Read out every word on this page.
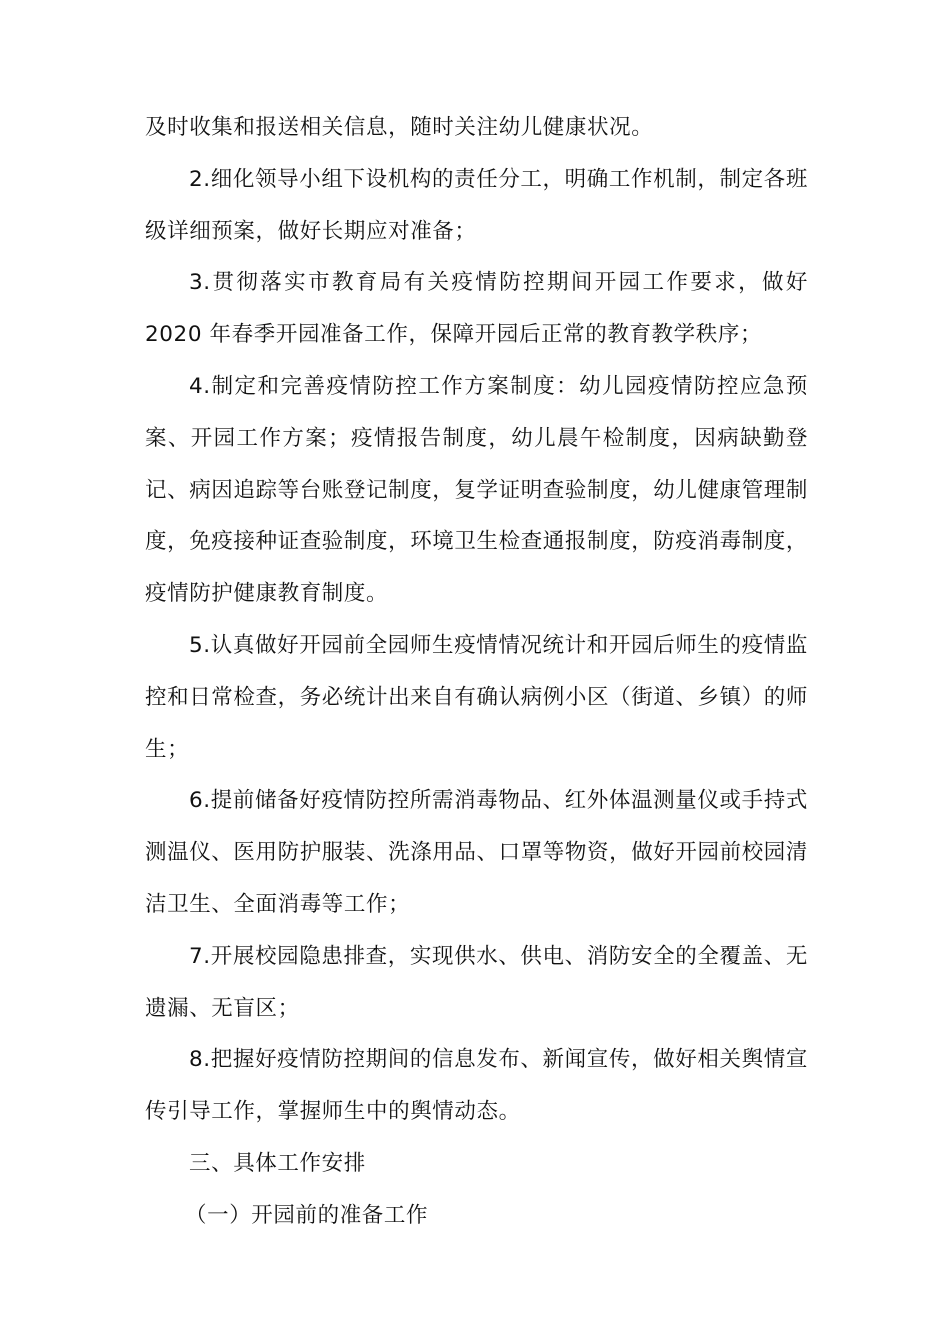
及时收集和报送相关信息，随时关注幼儿健康状况。

2.细化领导小组下设机构的责任分工，明确工作机制，制定各班级详细预案，做好长期应对准备；

3.贯彻落实市教育局有关疫情防控期间开园工作要求，做好 2020 年春季开园准备工作，保障开园后正常的教育教学秩序；

4.制定和完善疫情防控工作方案制度：幼儿园疫情防控应急预案、开园工作方案；疫情报告制度，幼儿晨午检制度，因病缺勤登记、病因追踪等台账登记制度，复学证明查验制度，幼儿健康管理制度，免疫接种证查验制度，环境卫生检查通报制度，防疫消毒制度，疫情防护健康教育制度。

5.认真做好开园前全园师生疫情情况统计和开园后师生的疫情监控和日常检查，务必统计出来自有确认病例小区（街道、乡镇）的师生；

6.提前储备好疫情防控所需消毒物品、红外体温测量仪或手持式测温仪、医用防护服装、洗涤用品、口罩等物资，做好开园前校园清洁卫生、全面消毒等工作；

7.开展校园隐患排查，实现供水、供电、消防安全的全覆盖、无遗漏、无盲区；

8.把握好疫情防控期间的信息发布、新闻宣传，做好相关舆情宣传引导工作，掌握师生中的舆情动态。

三、具体工作安排

（一）开园前的准备工作
